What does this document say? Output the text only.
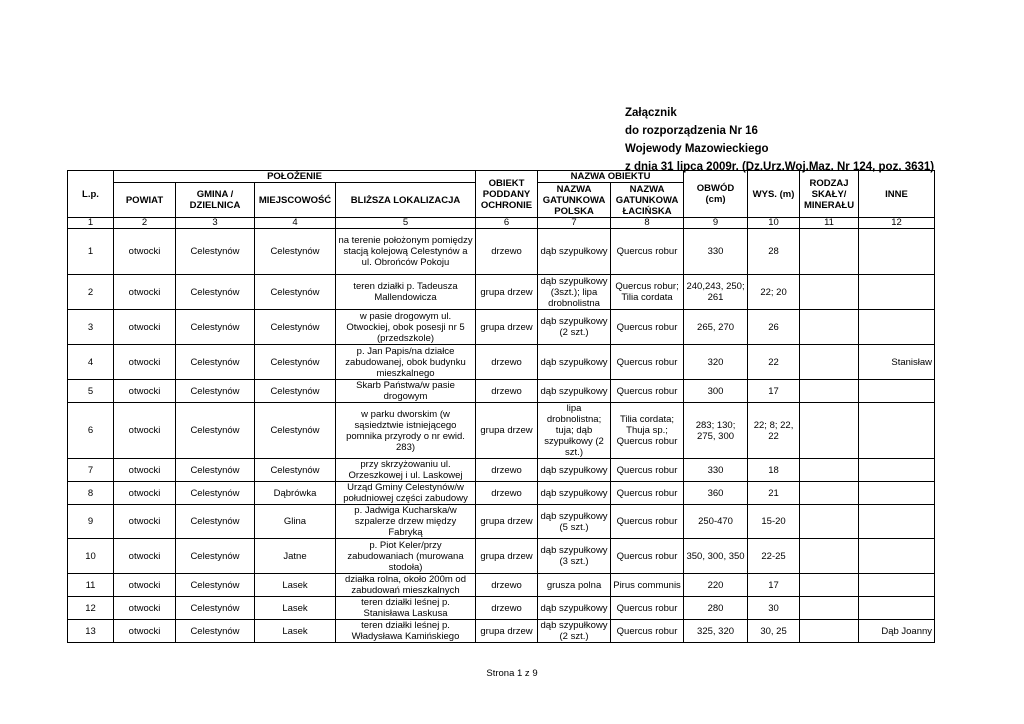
Załącznik
do rozporządzenia Nr 16
Wojewody Mazowieckiego
z dnia 31 lipca 2009r. (Dz.Urz.Woj.Maz. Nr 124, poz. 3631)
L.p.	POŁOŻENIE				OBIEKT PODDANY OCHRONIE	NAZWA OBIEKTU		OBWÓD (cm)	WYS. (m)	RODZAJ SKAŁY/ MINERAŁU	INNE
	POWIAT	GMINA / DZIELNICA	MIEJSCOWOŚĆ	BLIŻSZA LOKALIZACJA		NAZWA GATUNKOWA POLSKA	NAZWA GATUNKOWA ŁACIŃSKA				
1	2	3	4	5	6	7	8	9	10	11	12
1	otwocki	Celestynów	Celestynów	na terenie położonym pomiędzy stacją kolejową Celestynów a ul. Obrońców Pokoju	drzewo	dąb szypułkowy	Quercus robur	330	28		
2	otwocki	Celestynów	Celestynów	teren działki p. Tadeusza Mallendowicza	grupa drzew	dąb szypułkowy (3szt.); lipa drobnolistna	Quercus robur; Tilia cordata	240,243, 250; 261	22; 20		
3	otwocki	Celestynów	Celestynów	w pasie drogowym ul. Otwockiej, obok posesji nr 5 (przedszkole)	grupa drzew	dąb szypułkowy (2 szt.)	Quercus robur	265, 270	26		
4	otwocki	Celestynów	Celestynów	p. Jan Papis/na działce zabudowanej, obok budynku mieszkalnego	drzewo	dąb szypułkowy	Quercus robur	320	22		Stanisław
5	otwocki	Celestynów	Celestynów	Skarb Państwa/w pasie drogowym	drzewo	dąb szypułkowy	Quercus robur	300	17		
6	otwocki	Celestynów	Celestynów	w parku dworskim (w sąsiedztwie istniejącego pomnika przyrody o nr ewid. 283)	grupa drzew	lipa drobnolistna; tuja; dąb szypułkowy (2 szt.)	Tilia cordata; Thuja sp.; Quercus robur	283; 130; 275, 300	22; 8; 22, 22		
7	otwocki	Celestynów	Celestynów	przy skrzyżowaniu ul. Orzeszkowej i ul. Laskowej	drzewo	dąb szypułkowy	Quercus robur	330	18		
8	otwocki	Celestynów	Dąbrówka	Urząd Gminy Celestynów/w południowej części zabudowy	drzewo	dąb szypułkowy	Quercus robur	360	21		
9	otwocki	Celestynów	Glina	p. Jadwiga Kucharska/w szpalerze drzew między Fabryką	grupa drzew	dąb szypułkowy (5 szt.)	Quercus robur	250-470	15-20		
10	otwocki	Celestynów	Jatne	p. Piot Keler/przy zabudowaniach (murowana stodoła)	grupa drzew	dąb szypułkowy (3 szt.)	Quercus robur	350, 300, 350	22-25		
11	otwocki	Celestynów	Lasek	działka rolna, około 200m od zabudowań mieszkalnych	drzewo	grusza polna	Pirus communis	220	17		
12	otwocki	Celestynów	Lasek	teren działki leśnej p. Stanisława Laskusa	drzewo	dąb szypułkowy	Quercus robur	280	30		
13	otwocki	Celestynów	Lasek	teren działki leśnej p. Władysława Kamińskiego	grupa drzew	dąb szypułkowy (2 szt.)	Quercus robur	325, 320	30, 25		Dąb Joanny
Strona 1 z 9
